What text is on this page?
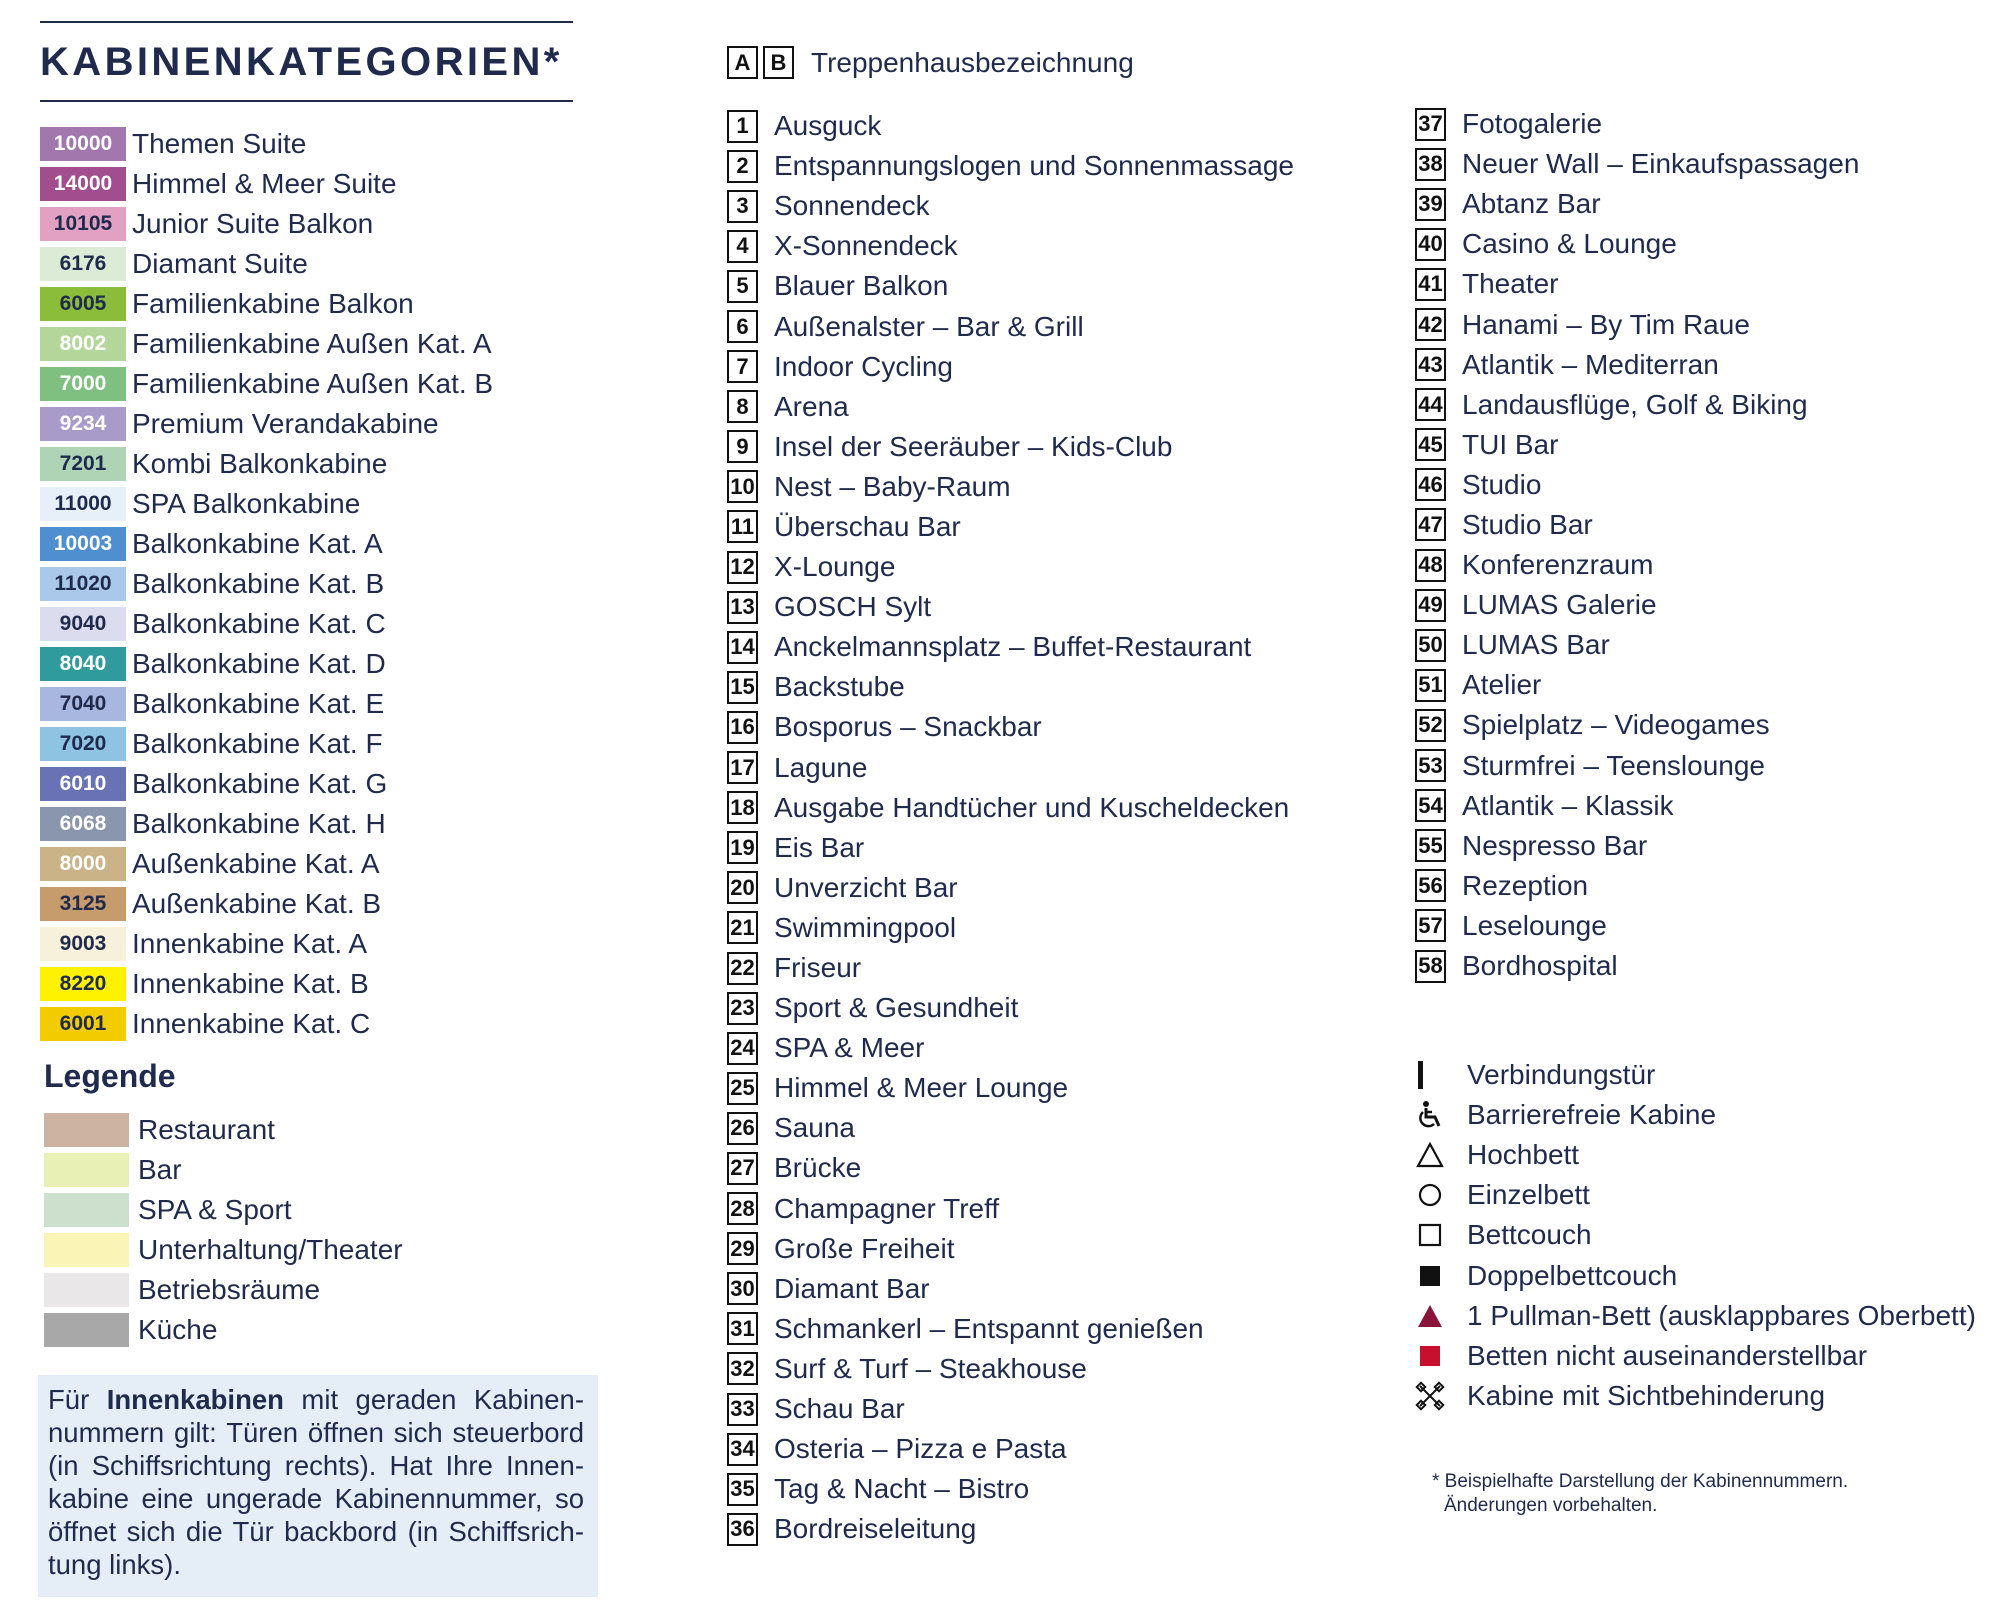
KABINENKATEGORIEN*
10000 Themen Suite
14000 Himmel & Meer Suite
10105 Junior Suite Balkon
6176 Diamant Suite
6005 Familienkabine Balkon
8002 Familienkabine Außen Kat. A
7000 Familienkabine Außen Kat. B
9234 Premium Verandakabine
7201 Kombi Balkonkabine
11000 SPA Balkonkabine
10003 Balkonkabine Kat. A
11020 Balkonkabine Kat. B
9040 Balkonkabine Kat. C
8040 Balkonkabine Kat. D
7040 Balkonkabine Kat. E
7020 Balkonkabine Kat. F
6010 Balkonkabine Kat. G
6068 Balkonkabine Kat. H
8000 Außenkabine Kat. A
3125 Außenkabine Kat. B
9003 Innenkabine Kat. A
8220 Innenkabine Kat. B
6001 Innenkabine Kat. C
Legende
Restaurant
Bar
SPA & Sport
Unterhaltung/Theater
Betriebsräume
Küche
Für Innenkabinen mit geraden Kabinen-nummern gilt: Türen öffnen sich steuerbord (in Schiffsrichtung rechts). Hat Ihre Innen-kabine eine ungerade Kabinennummer, so öffnet sich die Tür backbord (in Schiffsrich-tung links).
A B Treppenhausbezeichnung
1 Ausguck
2 Entspannungslogen und Sonnenmassage
3 Sonnendeck
4 X-Sonnendeck
5 Blauer Balkon
6 Außenalster – Bar & Grill
7 Indoor Cycling
8 Arena
9 Insel der Seeräuber – Kids-Club
10 Nest – Baby-Raum
11 Überschau Bar
12 X-Lounge
13 GOSCH Sylt
14 Anckelmannsplatz – Buffet-Restaurant
15 Backstube
16 Bosporus – Snackbar
17 Lagune
18 Ausgabe Handtücher und Kuscheldecken
19 Eis Bar
20 Unverzicht Bar
21 Swimmingpool
22 Friseur
23 Sport & Gesundheit
24 SPA & Meer
25 Himmel & Meer Lounge
26 Sauna
27 Brücke
28 Champagner Treff
29 Große Freiheit
30 Diamant Bar
31 Schmankerl – Entspannt genießen
32 Surf & Turf – Steakhouse
33 Schau Bar
34 Osteria – Pizza e Pasta
35 Tag & Nacht – Bistro
36 Bordreiseleitung
37 Fotogalerie
38 Neuer Wall – Einkaufspassagen
39 Abtanz Bar
40 Casino & Lounge
41 Theater
42 Hanami – By Tim Raue
43 Atlantik – Mediterran
44 Landausflüge, Golf & Biking
45 TUI Bar
46 Studio
47 Studio Bar
48 Konferenzraum
49 LUMAS Galerie
50 LUMAS Bar
51 Atelier
52 Spielplatz – Videogames
53 Sturmfrei – Teenslounge
54 Atlantik – Klassik
55 Nespresso Bar
56 Rezeption
57 Leselounge
58 Bordhospital
Verbindungstür
Barrierefreie Kabine
Hochbett
Einzelbett
Bettcouch
Doppelbettcouch
1 Pullman-Bett (ausklappbares Oberbett)
Betten nicht auseinanderstellbar
Kabine mit Sichtbehinderung
* Beispielhafte Darstellung der Kabinennummern.
Änderungen vorbehalten.
